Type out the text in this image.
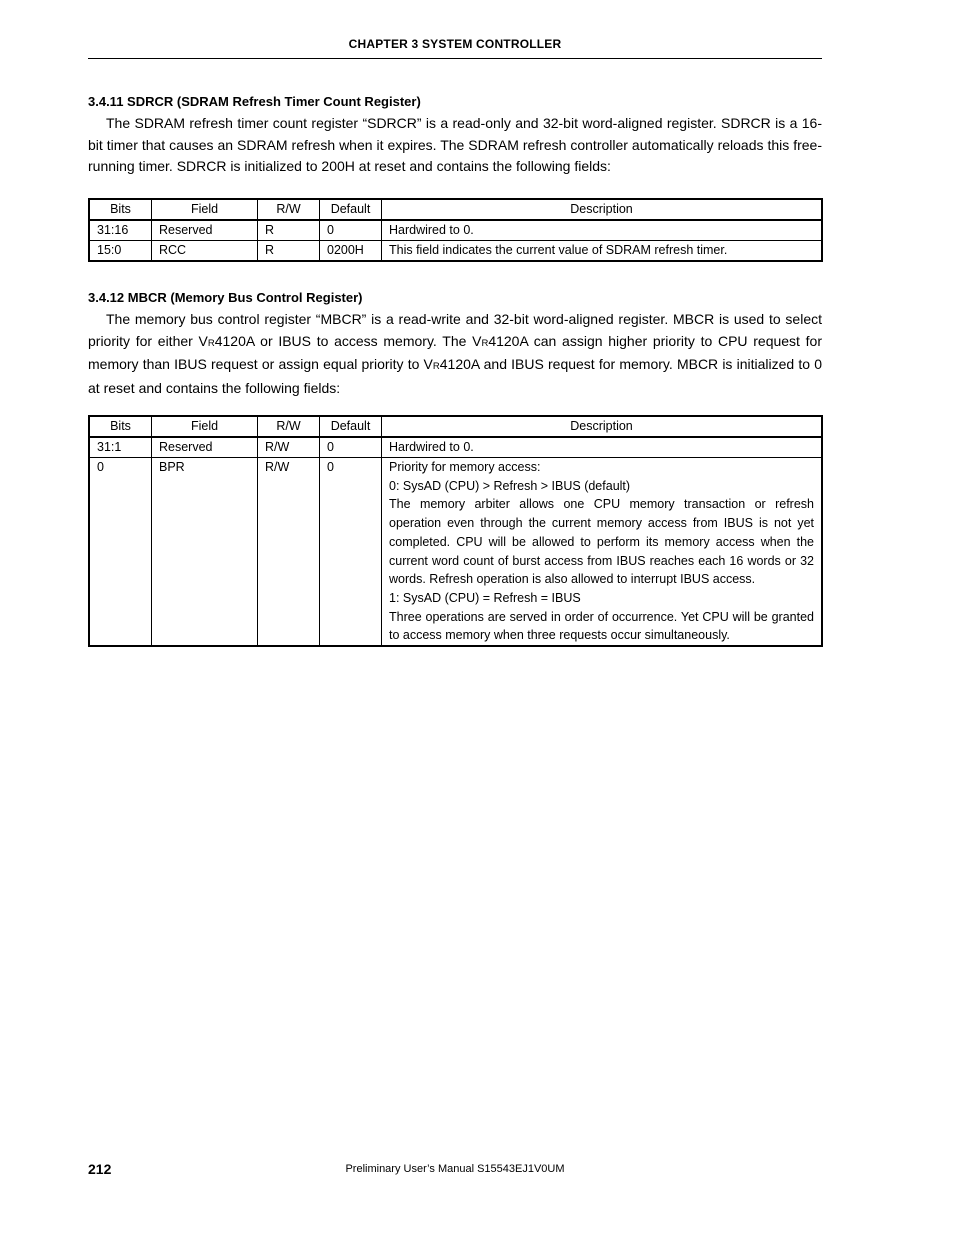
CHAPTER 3 SYSTEM CONTROLLER
3.4.11 SDRCR (SDRAM Refresh Timer Count Register)
The SDRAM refresh timer count register “SDRCR” is a read-only and 32-bit word-aligned register. SDRCR is a 16-bit timer that causes an SDRAM refresh when it expires. The SDRAM refresh controller automatically reloads this free-running timer. SDRCR is initialized to 200H at reset and contains the following fields:
Bits	Field	R/W	Default	Description
31:16	Reserved	R	0	Hardwired to 0.
15:0	RCC	R	0200H	This field indicates the current value of SDRAM refresh timer.
3.4.12 MBCR (Memory Bus Control Register)
The memory bus control register “MBCR” is a read-write and 32-bit word-aligned register. MBCR is used to select priority for either VR4120A or IBUS to access memory. The VR4120A can assign higher priority to CPU request for memory than IBUS request or assign equal priority to VR4120A and IBUS request for memory. MBCR is initialized to 0 at reset and contains the following fields:
Bits	Field	R/W	Default	Description
31:1	Reserved	R/W	0	Hardwired to 0.
0	BPR	R/W	0	Priority for memory access:
0: SysAD (CPU) > Refresh > IBUS (default)
The memory arbiter allows one CPU memory transaction or refresh operation even through the current memory access from IBUS is not yet completed. CPU will be allowed to perform its memory access when the current word count of burst access from IBUS reaches each 16 words or 32 words. Refresh operation is also allowed to interrupt IBUS access.
1: SysAD (CPU) = Refresh = IBUS
Three operations are served in order of occurrence. Yet CPU will be granted to access memory when three requests occur simultaneously.
212	Preliminary User’s Manual S15543EJ1V0UM
